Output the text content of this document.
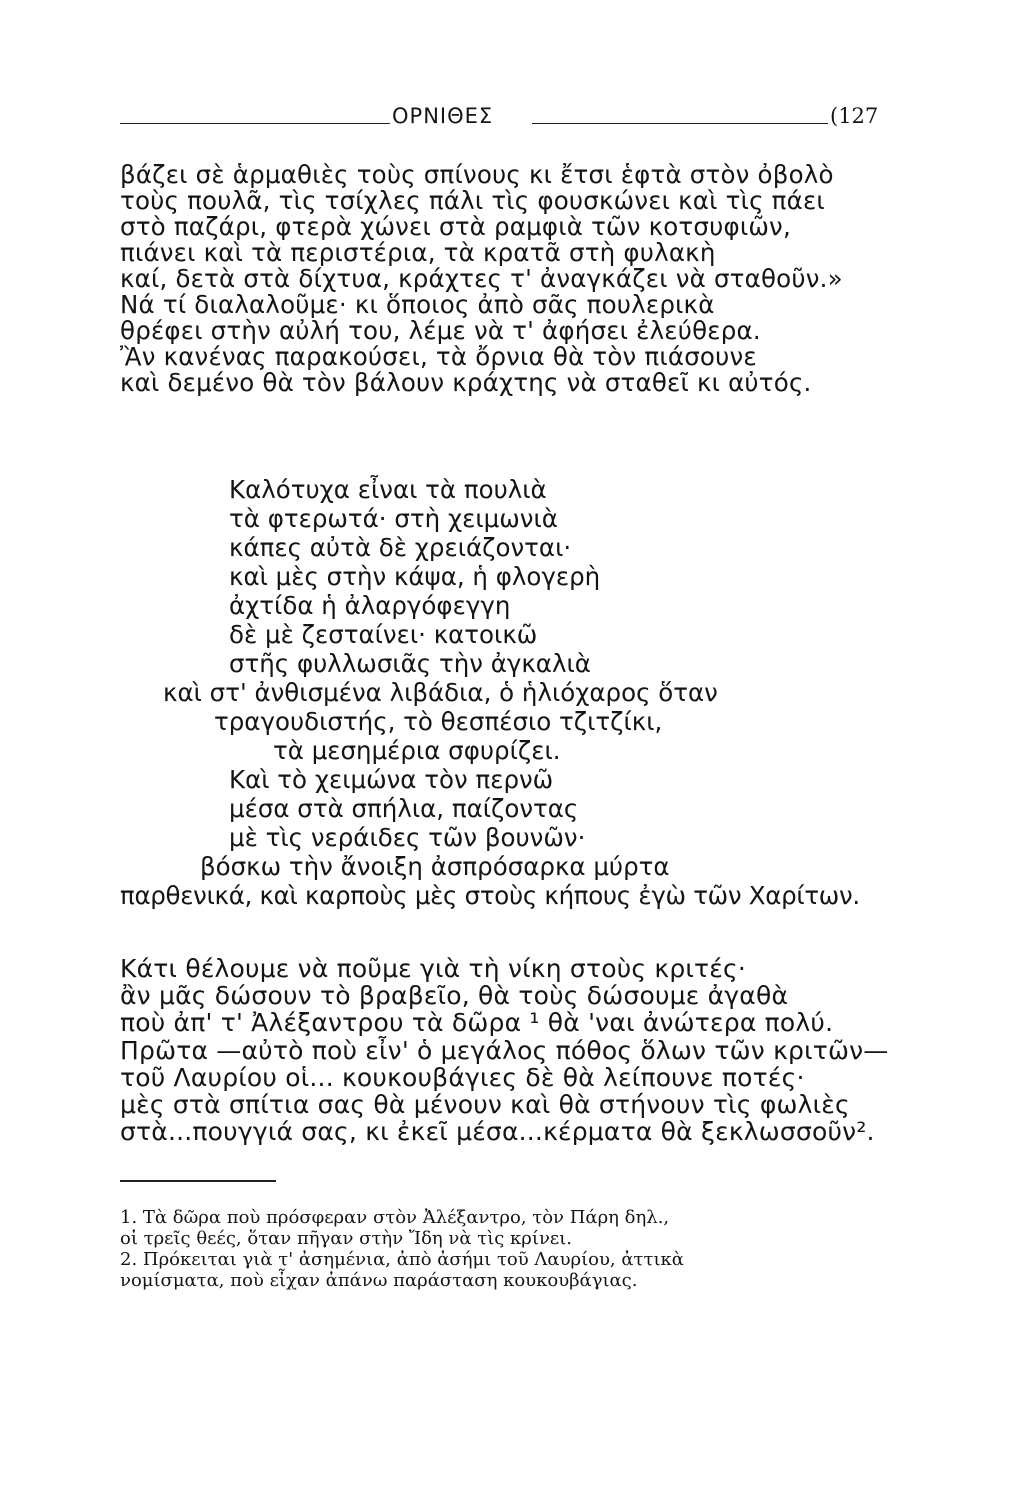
ΟΡΝΙΘΕΣ	(127
βάζει σὲ ἁρμαθιὲς τοὺς σπίνους κι ἔτσι ἑφτὰ στὸν ὀβολὸ
τοὺς πουλᾶ, τὶς τσίχλες πάλι τὶς φουσκώνει καὶ τὶς πάει
στὸ παζάρι, φτερὰ χώνει στὰ ραμφιὰ τῶν κοτσυφιῶν,
πιάνει καὶ τὰ περιστέρια, τὰ κρατᾶ στὴ φυλακὴ
καί, δετὰ στὰ δίχτυα, κράχτες τ' ἀναγκάζει νὰ σταθοῦν.»
Νά τί διαλαλοῦμε· κι ὅποιος ἀπὸ σᾶς πουλερικὰ
θρέφει στὴν αὐλή του, λέμε νὰ τ' ἀφήσει ἐλεύθερα.
Ἂν κανένας παρακούσει, τὰ ὄρνια θὰ τὸν πιάσουνε
καὶ δεμένο θὰ τὸν βάλουν κράχτης νὰ σταθεῖ κι αὐτός.
Καλότυχα εἶναι τὰ πουλιὰ
τὰ φτερωτά· στὴ χειμωνιὰ
κάπες αὐτὰ δὲ χρειάζονται·
καὶ μὲς στὴν κάψα, ἡ φλογερὴ
ἀχτίδα ἡ ἀλαργόφεγγη
δὲ μὲ ζεσταίνει· κατοικῶ
στῆς φυλλωσιᾶς τὴν ἀγκαλιὰ
καὶ στ' ἀνθισμένα λιβάδια, ὁ ἡλιόχαρος ὅταν
τραγουδιστής, τὸ θεσπέσιο τζιτζίκι,
τὰ μεσημέρια σφυρίζει.
Καὶ τὸ χειμώνα τὸν περνῶ
μέσα στὰ σπήλια, παίζοντας
μὲ τὶς νεράιδες τῶν βουνῶν·
βόσκω τὴν ἄνοιξη ἀσπρόσαρκα μύρτα
παρθενικά, καὶ καρποὺς μὲς στοὺς κήπους ἐγὼ τῶν Χαρίτων.
Κάτι θέλουμε νὰ ποῦμε γιὰ τὴ νίκη στοὺς κριτές·
ἂν μᾶς δώσουν τὸ βραβεῖο, θὰ τοὺς δώσουμε ἀγαθὰ
ποὺ ἀπ' τ' Ἀλέξαντρου τὰ δῶρα ¹ θὰ 'ναι ἀνώτερα πολύ.
Πρῶτα —αὐτὸ ποὺ εἶν' ὁ μεγάλος πόθος ὅλων τῶν κριτῶν—
τοῦ Λαυρίου οἱ... κουκουβάγιες δὲ θὰ λείπουνε ποτές·
μὲς στὰ σπίτια σας θὰ μένουν καὶ θὰ στήνουν τὶς φωλιὲς
στὰ...πουγγιά σας, κι ἐκεῖ μέσα...κέρματα θὰ ξεκλωσσοῦν².
1. Τὰ δῶρα ποὺ πρόσφεραν στὸν Ἀλέξαντρο, τὸν Πάρη δηλ.,
οἱ τρεῖς θεές, ὅταν πῆγαν στὴν Ἴδη νὰ τὶς κρίνει.
2. Πρόκειται γιὰ τ' ἀσημένια, ἀπὸ ἀσήμι τοῦ Λαυρίου, ἀττικὰ
νομίσματα, ποὺ εἶχαν ἀπάνω παράσταση κουκουβάγιας.
